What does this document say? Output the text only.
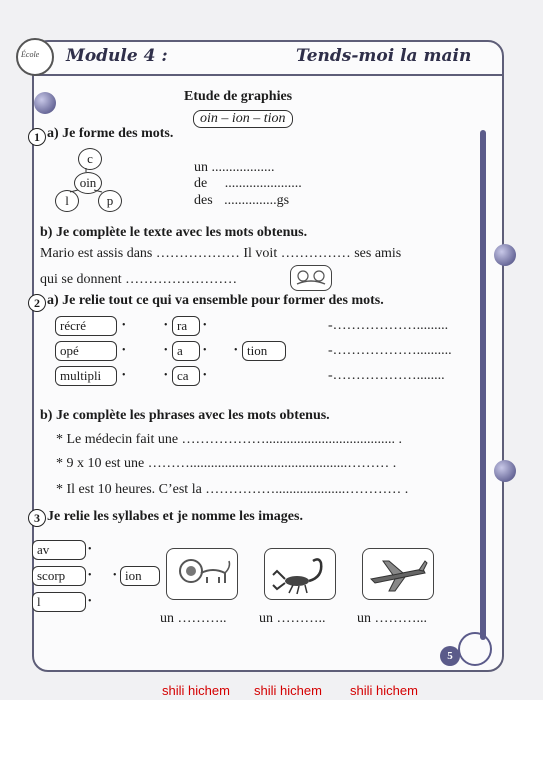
École Module 4 :	Tends-moi la main
Etude de graphies
oin – ion – tion
1 a) Je forme des mots.
c
oin
l	p
un ..................
de ......................
des ...............gs
b) Je complète le texte avec les mots obtenus.
Mario est assis dans ……………… Il voit …………… ses amis
qui se donnent ……………………
2 a) Je relie tout ce qui va ensemble pour former des mots.
récré
opé
multipli
•
•
•
•
•
•
ra
a
ca
•
•
•
• tion
-……………….........
-………………..........
-………………........
b) Je complète les phrases avec les mots obtenus.
* Le médecin fait une ………………..................................... .
* 9 x 10 est une ……….............................................……… .
* Il est 10 heures. C’est la ……………....................………… .
3 Je relie les syllabes et je nomme les images.
av
scorp
l
•
•
•
• ion
un ……….. un ……….. un ………...
5
shili hichem shili hichem shili hichem
